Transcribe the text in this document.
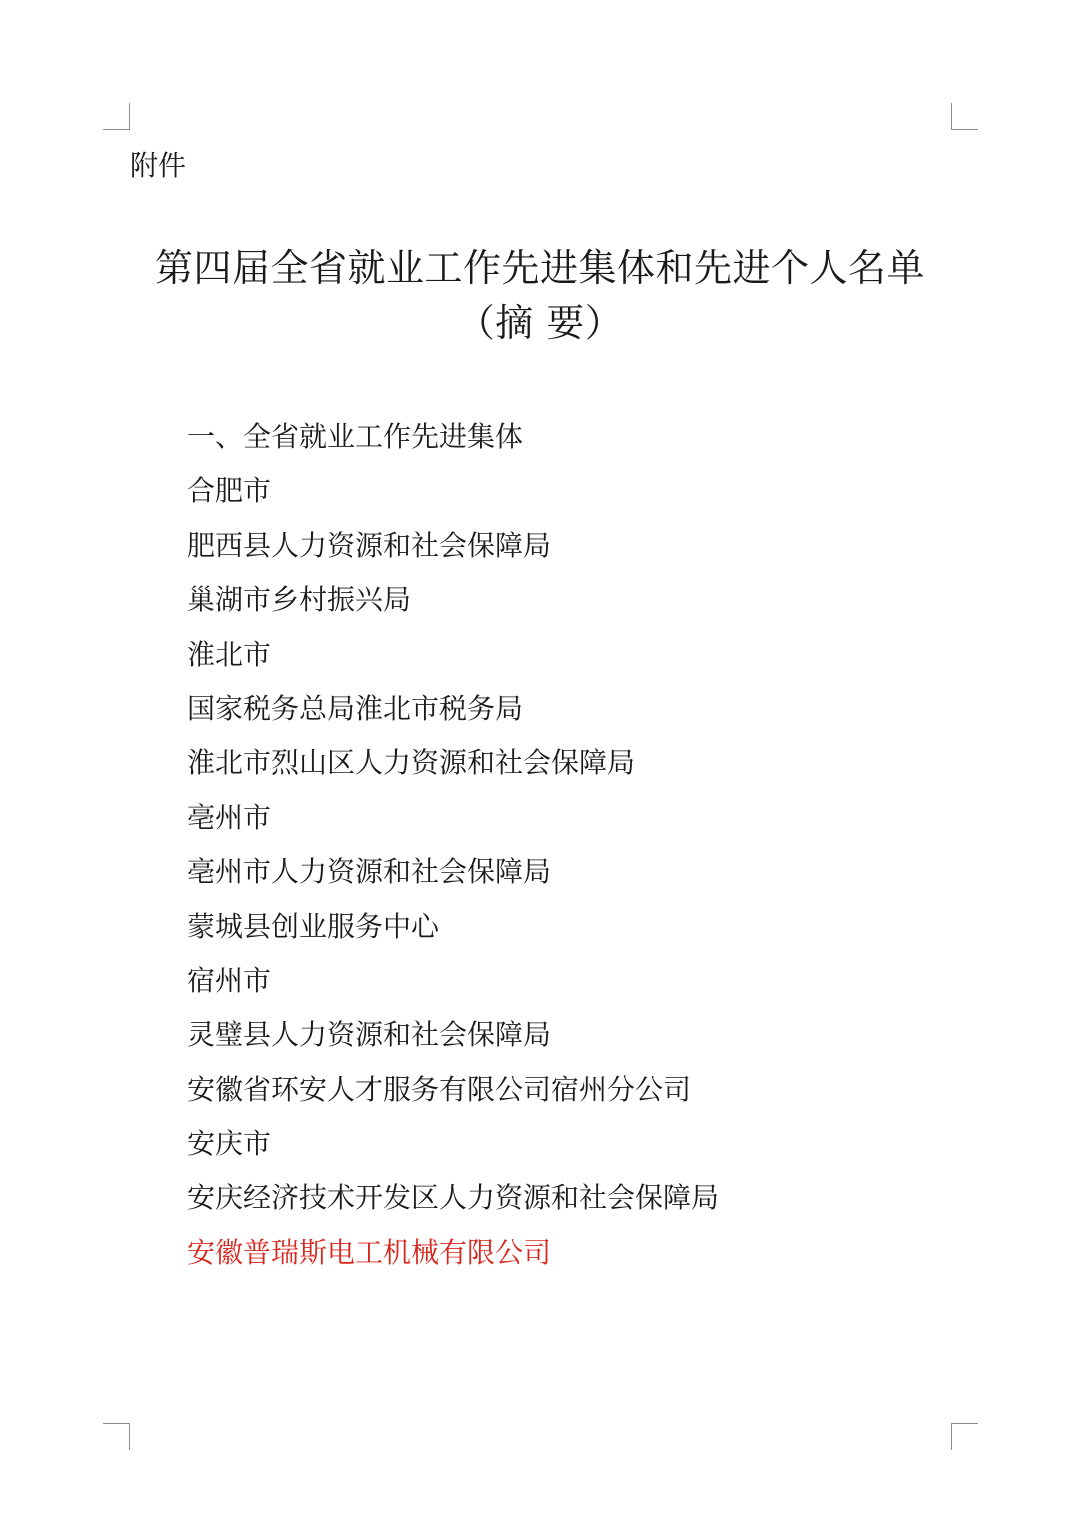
附件
第四届全省就业工作先进集体和先进个人名单
（摘 要）
一、全省就业工作先进集体
合肥市
肥西县人力资源和社会保障局
巢湖市乡村振兴局
淮北市
国家税务总局淮北市税务局
淮北市烈山区人力资源和社会保障局
亳州市
亳州市人力资源和社会保障局
蒙城县创业服务中心
宿州市
灵璧县人力资源和社会保障局
安徽省环安人才服务有限公司宿州分公司
安庆市
安庆经济技术开发区人力资源和社会保障局
安徽普瑞斯电工机械有限公司
